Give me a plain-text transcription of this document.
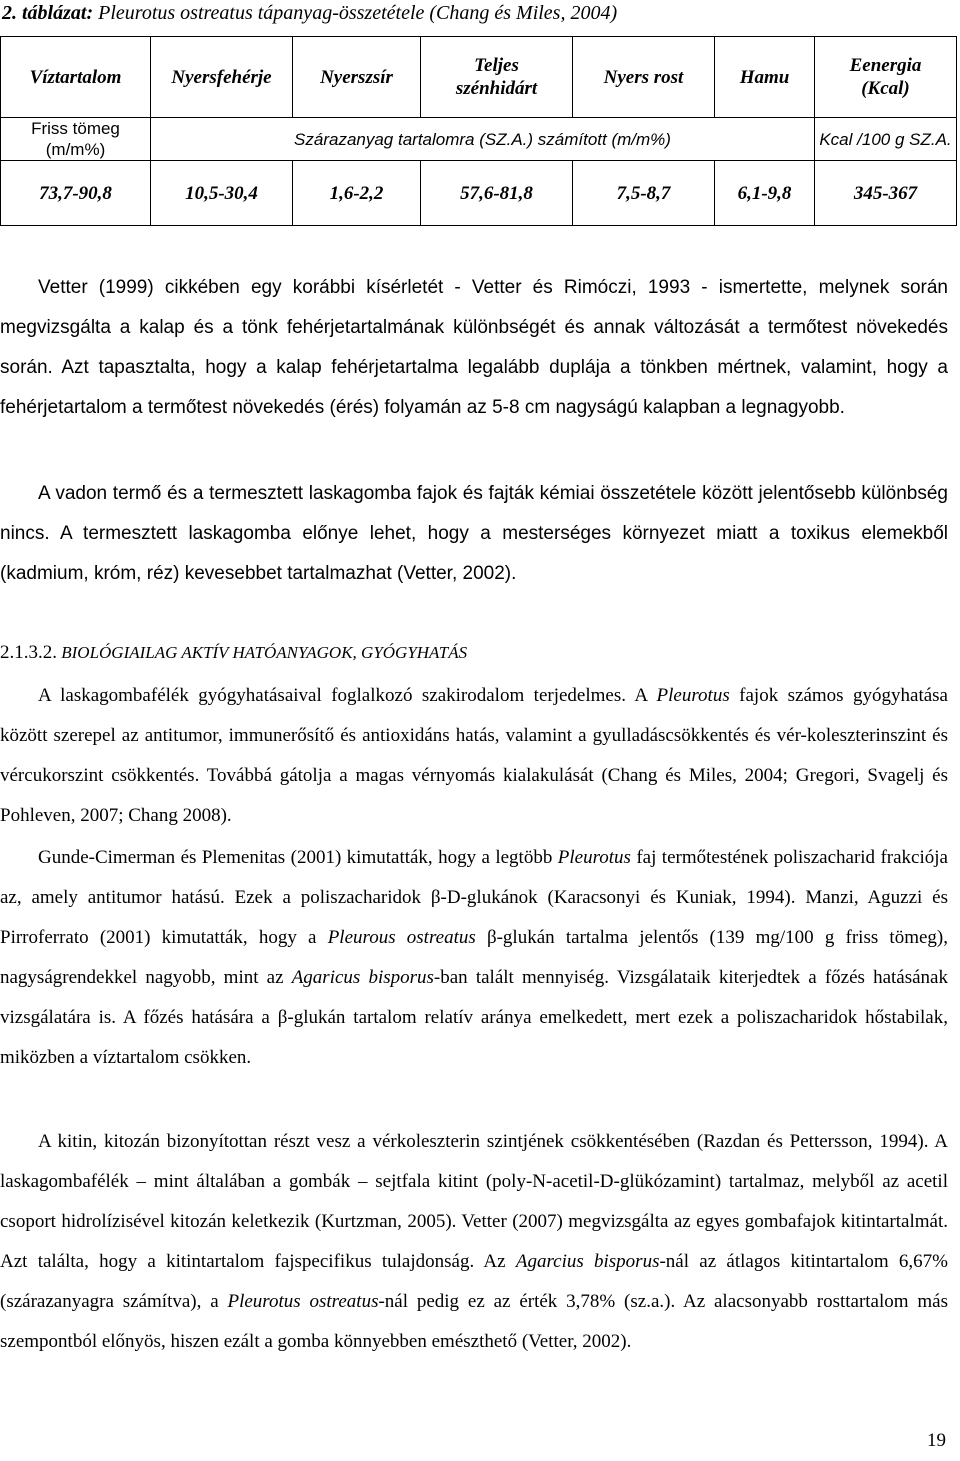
2. táblázat: Pleurotus ostreatus tápanyag-összetétele (Chang és Miles, 2004)
Víztartalom	Nyersfehérje	Nyerszsír	Teljes szénhidárt	Nyers rost	Hamu	Eenergia (Kcal)
Friss tömeg (m/m%)	Szárazanyag tartalomra (SZ.A.) számított (m/m%)					Kcal /100 g SZ.A.
73,7-90,8	10,5-30,4	1,6-2,2	57,6-81,8	7,5-8,7	6,1-9,8	345-367

Vetter (1999) cikkében egy korábbi kísérletét - Vetter és Rimóczi, 1993 - ismertette, melynek során megvizsgálta a kalap és a tönk fehérjetartalmának különbségét és annak változását a termőtest növekedés során. Azt tapasztalta, hogy a kalap fehérjetartalma legalább duplája a tönkben mértnek, valamint, hogy a fehérjetartalom a termőtest növekedés (érés) folyamán az 5-8 cm nagyságú kalapban a legnagyobb.

A vadon termő és a termesztett laskagomba fajok és fajták kémiai összetétele között jelentősebb különbség nincs. A termesztett laskagomba előnye lehet, hogy a mesterséges környezet miatt a toxikus elemekből (kadmium, króm, réz) kevesebbet tartalmazhat (Vetter, 2002).

2.1.3.2. BIOLÓGIAILAG AKTÍV HATÓANYAGOK, GYÓGYHATÁS

A laskagombafélék gyógyhatásaival foglalkozó szakirodalom terjedelmes. A Pleurotus fajok számos gyógyhatása között szerepel az antitumor, immunerősítő és antioxidáns hatás, valamint a gyulladáscsökkentés és vér-koleszterinszint és vércukorszint csökkentés. Továbbá gátolja a magas vérnyomás kialakulását (Chang és Miles, 2004; Gregori, Svagelj és Pohleven, 2007; Chang 2008).

Gunde-Cimerman és Plemenitas (2001) kimutatták, hogy a legtöbb Pleurotus faj termőtestének poliszacharid frakciója az, amely antitumor hatású. Ezek a poliszacharidok β-D-glukánok (Karacsonyi és Kuniak, 1994). Manzi, Aguzzi és Pirroferrato (2001) kimutatták, hogy a Pleurous ostreatus β-glukán tartalma jelentős (139 mg/100 g friss tömeg), nagyságrendekkel nagyobb, mint az Agaricus bisporus-ban talált mennyiség. Vizsgálataik kiterjedtek a főzés hatásának vizsgálatára is. A főzés hatására a β-glukán tartalom relatív aránya emelkedett, mert ezek a poliszacharidok hőstabilak, miközben a víztartalom csökken.

A kitin, kitozán bizonyítottan részt vesz a vérkoleszterin szintjének csökkentésében (Razdan és Pettersson, 1994). A laskagombafélék – mint általában a gombák – sejtfala kitint (poly-N-acetil-D-glükózamint) tartalmaz, melyből az acetil csoport hidrolízisével kitozán keletkezik (Kurtzman, 2005). Vetter (2007) megvizsgálta az egyes gombafajok kitintartalmát. Azt találta, hogy a kitintartalom fajspecifikus tulajdonság. Az Agarcius bisporus-nál az átlagos kitintartalom 6,67% (szárazanyagra számítva), a Pleurotus ostreatus-nál pedig ez az érték 3,78% (sz.a.). Az alacsonyabb rosttartalom más szempontból előnyös, hiszen ezált a gomba könnyebben emészthető (Vetter, 2002).

19
